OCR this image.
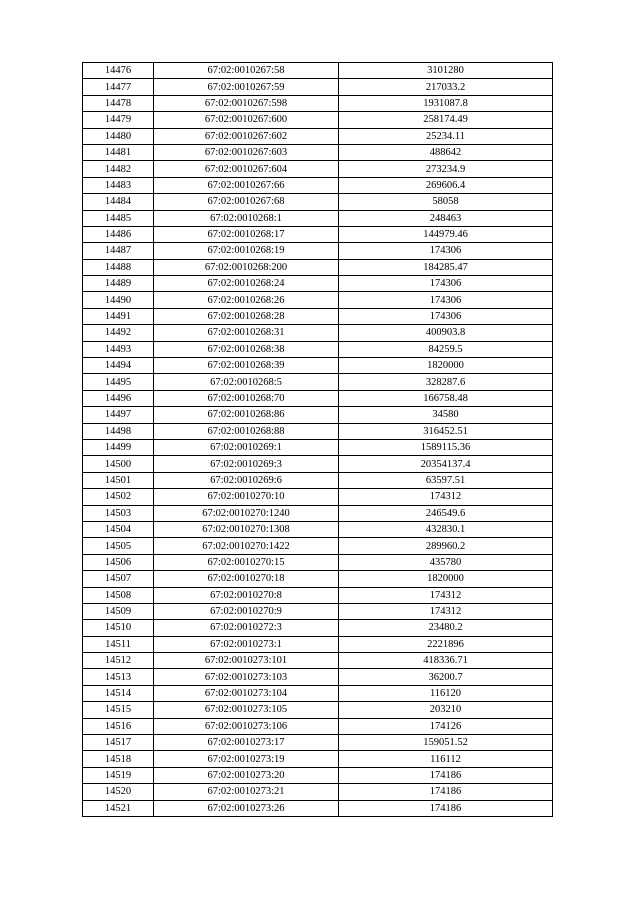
14476	67:02:0010267:58	3101280
14477	67:02:0010267:59	217033.2
14478	67:02:0010267:598	1931087.8
14479	67:02:0010267:600	258174.49
14480	67:02:0010267:602	25234.11
14481	67:02:0010267:603	488642
14482	67:02:0010267:604	273234.9
14483	67:02:0010267:66	269606.4
14484	67:02:0010267:68	58058
14485	67:02:0010268:1	248463
14486	67:02:0010268:17	144979.46
14487	67:02:0010268:19	174306
14488	67:02:0010268:200	184285.47
14489	67:02:0010268:24	174306
14490	67:02:0010268:26	174306
14491	67:02:0010268:28	174306
14492	67:02:0010268:31	400903.8
14493	67:02:0010268:38	84259.5
14494	67:02:0010268:39	1820000
14495	67:02:0010268:5	328287.6
14496	67:02:0010268:70	166758.48
14497	67:02:0010268:86	34580
14498	67:02:0010268:88	316452.51
14499	67:02:0010269:1	1589115.36
14500	67:02:0010269:3	20354137.4
14501	67:02:0010269:6	63597.51
14502	67:02:0010270:10	174312
14503	67:02:0010270:1240	246549.6
14504	67:02:0010270:1308	432830.1
14505	67:02:0010270:1422	289960.2
14506	67:02:0010270:15	435780
14507	67:02:0010270:18	1820000
14508	67:02:0010270:8	174312
14509	67:02:0010270:9	174312
14510	67:02:0010272:3	23480.2
14511	67:02:0010273:1	2221896
14512	67:02:0010273:101	418336.71
14513	67:02:0010273:103	36200.7
14514	67:02:0010273:104	116120
14515	67:02:0010273:105	203210
14516	67:02:0010273:106	174126
14517	67:02:0010273:17	159051.52
14518	67:02:0010273:19	116112
14519	67:02:0010273:20	174186
14520	67:02:0010273:21	174186
14521	67:02:0010273:26	174186
